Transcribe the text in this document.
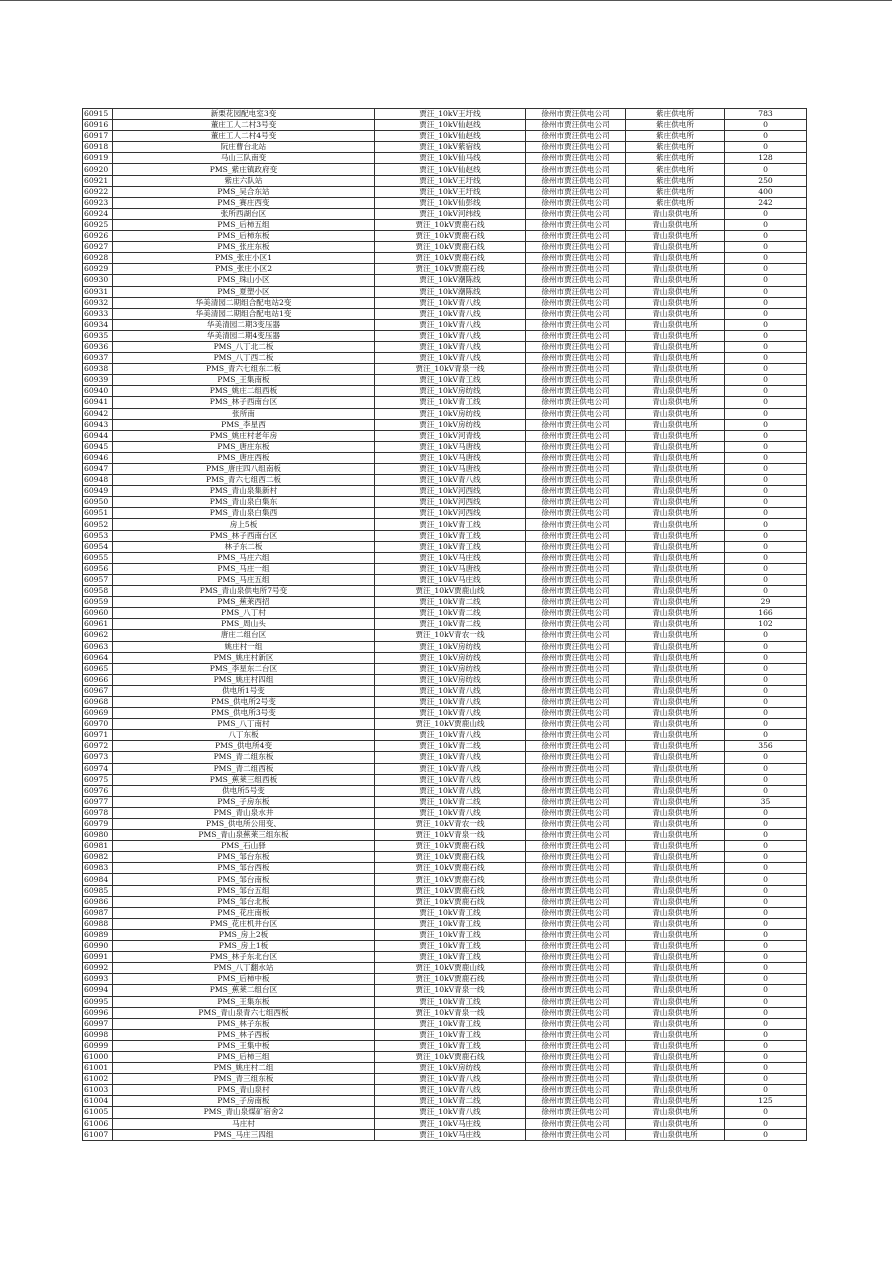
60915	新栗花园配电室3变	贾汪_10kV王圩线	徐州市贾汪供电公司	紫庄供电所	783
60916	董庄工人二村3号变	贾汪_10kV仙赵线	徐州市贾汪供电公司	紫庄供电所	0
60917	董庄工人二村4号变	贾汪_10kV仙赵线	徐州市贾汪供电公司	紫庄供电所	0
60918	阮庄曹台北站	贾汪_10kV紫宿线	徐州市贾汪供电公司	紫庄供电所	0
60919	马山三队南变	贾汪_10kV仙马线	徐州市贾汪供电公司	紫庄供电所	128
60920	PMS_紫庄镇政府变	贾汪_10kV仙赵线	徐州市贾汪供电公司	紫庄供电所	0
60921	紫庄六队站	贾汪_10kV王圩线	徐州市贾汪供电公司	紫庄供电所	250
60922	PMS_吴合东站	贾汪_10kV王圩线	徐州市贾汪供电公司	紫庄供电所	400
60923	PMS_赛庄西变	贾汪_10kV仙彭线	徐州市贾汪供电公司	紫庄供电所	242
60924	张所西湖台区	贾汪_10kV河纬线	徐州市贾汪供电公司	青山泉供电所	0
60925	PMS_后柿五组	贾汪_10kV贾鹿石线	徐州市贾汪供电公司	青山泉供电所	0
60926	PMS_后柿东板	贾汪_10kV贾鹿石线	徐州市贾汪供电公司	青山泉供电所	0
60927	PMS_张庄东板	贾汪_10kV贾鹿石线	徐州市贾汪供电公司	青山泉供电所	0
60928	PMS_张庄小区1	贾汪_10kV贾鹿石线	徐州市贾汪供电公司	青山泉供电所	0
60929	PMS_张庄小区2	贾汪_10kV贾鹿石线	徐州市贾汪供电公司	青山泉供电所	0
60930	PMS_珠山小区	贾汪_10kV潮陈线	徐州市贾汪供电公司	青山泉供电所	0
60931	PMS_夏塑小区	贾汪_10kV潮陈线	徐州市贾汪供电公司	青山泉供电所	0
60932	华美清园二期组合配电站2变	贾汪_10kV青八线	徐州市贾汪供电公司	青山泉供电所	0
60933	华美清园二期组合配电站1变	贾汪_10kV青八线	徐州市贾汪供电公司	青山泉供电所	0
60934	华美清园二期3变压器	贾汪_10kV青八线	徐州市贾汪供电公司	青山泉供电所	0
60935	华美清园二期4变压器	贾汪_10kV青八线	徐州市贾汪供电公司	青山泉供电所	0
60936	PMS_八丁北二板	贾汪_10kV青八线	徐州市贾汪供电公司	青山泉供电所	0
60937	PMS_八丁西二板	贾汪_10kV青八线	徐州市贾汪供电公司	青山泉供电所	0
60938	PMS_青六七组东二板	贾汪_10kV青泉一线	徐州市贾汪供电公司	青山泉供电所	0
60939	PMS_王集南板	贾汪_10kV青工线	徐州市贾汪供电公司	青山泉供电所	0
60940	PMS_姚庄二组西板	贾汪_10kV房纺线	徐州市贾汪供电公司	青山泉供电所	0
60941	PMS_林子西南台区	贾汪_10kV青工线	徐州市贾汪供电公司	青山泉供电所	0
60942	张所南	贾汪_10kV房纺线	徐州市贾汪供电公司	青山泉供电所	0
60943	PMS_李星西	贾汪_10kV房纺线	徐州市贾汪供电公司	青山泉供电所	0
60944	PMS_姚庄村老年房	贾汪_10kV河青线	徐州市贾汪供电公司	青山泉供电所	0
60945	PMS_唐庄东板	贾汪_10kV马唐线	徐州市贾汪供电公司	青山泉供电所	0
60946	PMS_唐庄西板	贾汪_10kV马唐线	徐州市贾汪供电公司	青山泉供电所	0
60947	PMS_唐庄四八组南板	贾汪_10kV马唐线	徐州市贾汪供电公司	青山泉供电所	0
60948	PMS_青六七组西二板	贾汪_10kV青八线	徐州市贾汪供电公司	青山泉供电所	0
60949	PMS_青山泉集新村	贾汪_10kV河西线	徐州市贾汪供电公司	青山泉供电所	0
60950	PMS_青山泉白集东	贾汪_10kV河西线	徐州市贾汪供电公司	青山泉供电所	0
60951	PMS_青山泉白集西	贾汪_10kV河西线	徐州市贾汪供电公司	青山泉供电所	0
60952	房上5板	贾汪_10kV青工线	徐州市贾汪供电公司	青山泉供电所	0
60953	PMS_林子西南台区	贾汪_10kV青工线	徐州市贾汪供电公司	青山泉供电所	0
60954	林子东二板	贾汪_10kV青工线	徐州市贾汪供电公司	青山泉供电所	0
60955	PMS_马庄六组	贾汪_10kV马庄线	徐州市贾汪供电公司	青山泉供电所	0
60956	PMS_马庄一组	贾汪_10kV马唐线	徐州市贾汪供电公司	青山泉供电所	0
60957	PMS_马庄五组	贾汪_10kV马庄线	徐州市贾汪供电公司	青山泉供电所	0
60958	PMS_青山泉供电所7号变	贾汪_10kV贾鹿山线	徐州市贾汪供电公司	青山泉供电所	0
60959	PMS_蕉莱西招	贾汪_10kV青二线	徐州市贾汪供电公司	青山泉供电所	29
60960	PMS_八丁村	贾汪_10kV青二线	徐州市贾汪供电公司	青山泉供电所	166
60961	PMS_周山头	贾汪_10kV青二线	徐州市贾汪供电公司	青山泉供电所	102
60962	唐庄二组台区	贾汪_10kV青农一线	徐州市贾汪供电公司	青山泉供电所	0
60963	姚庄村一组	贾汪_10kV房纺线	徐州市贾汪供电公司	青山泉供电所	0
60964	PMS_姚庄村新区	贾汪_10kV房纺线	徐州市贾汪供电公司	青山泉供电所	0
60965	PMS_李星东二台区	贾汪_10kV房纺线	徐州市贾汪供电公司	青山泉供电所	0
60966	PMS_姚庄村四组	贾汪_10kV房纺线	徐州市贾汪供电公司	青山泉供电所	0
60967	供电所1号变	贾汪_10kV青八线	徐州市贾汪供电公司	青山泉供电所	0
60968	PMS_供电所2号变	贾汪_10kV青八线	徐州市贾汪供电公司	青山泉供电所	0
60969	PMS_供电所3号变	贾汪_10kV青八线	徐州市贾汪供电公司	青山泉供电所	0
60970	PMS_八丁南村	贾汪_10kV贾鹿山线	徐州市贾汪供电公司	青山泉供电所	0
60971	八丁东板	贾汪_10kV青八线	徐州市贾汪供电公司	青山泉供电所	0
60972	PMS_供电所4变	贾汪_10kV青二线	徐州市贾汪供电公司	青山泉供电所	356
60973	PMS_青二组东板	贾汪_10kV青八线	徐州市贾汪供电公司	青山泉供电所	0
60974	PMS_青二组西板	贾汪_10kV青八线	徐州市贾汪供电公司	青山泉供电所	0
60975	PMS_蕉莱三组西板	贾汪_10kV青八线	徐州市贾汪供电公司	青山泉供电所	0
60976	供电所5号变	贾汪_10kV青八线	徐州市贾汪供电公司	青山泉供电所	0
60977	PMS_子房东板	贾汪_10kV青二线	徐州市贾汪供电公司	青山泉供电所	35
60978	PMS_青山泉水井	贾汪_10kV青八线	徐州市贾汪供电公司	青山泉供电所	0
60979	PMS_供电所公用变、	贾汪_10kV青农一线	徐州市贾汪供电公司	青山泉供电所	0
60980	PMS_青山泉蕉莱三组东板	贾汪_10kV青泉一线	徐州市贾汪供电公司	青山泉供电所	0
60981	PMS_石山驿	贾汪_10kV贾鹿石线	徐州市贾汪供电公司	青山泉供电所	0
60982	PMS_邹台东板	贾汪_10kV贾鹿石线	徐州市贾汪供电公司	青山泉供电所	0
60983	PMS_邹台西板	贾汪_10kV贾鹿石线	徐州市贾汪供电公司	青山泉供电所	0
60984	PMS_邹台南板	贾汪_10kV贾鹿石线	徐州市贾汪供电公司	青山泉供电所	0
60985	PMS_邹台五组	贾汪_10kV贾鹿石线	徐州市贾汪供电公司	青山泉供电所	0
60986	PMS_邹台北板	贾汪_10kV贾鹿石线	徐州市贾汪供电公司	青山泉供电所	0
60987	PMS_花庄南板	贾汪_10kV青工线	徐州市贾汪供电公司	青山泉供电所	0
60988	PMS_花庄机井台区	贾汪_10kV青工线	徐州市贾汪供电公司	青山泉供电所	0
60989	PMS_房上2板	贾汪_10kV青工线	徐州市贾汪供电公司	青山泉供电所	0
60990	PMS_房上1板	贾汪_10kV青工线	徐州市贾汪供电公司	青山泉供电所	0
60991	PMS_林子东北台区	贾汪_10kV青工线	徐州市贾汪供电公司	青山泉供电所	0
60992	PMS_八丁翻水站	贾汪_10kV贾鹿山线	徐州市贾汪供电公司	青山泉供电所	0
60993	PMS_后柿中板	贾汪_10kV贾鹿石线	徐州市贾汪供电公司	青山泉供电所	0
60994	PMS_蕉莱二组台区	贾汪_10kV青泉一线	徐州市贾汪供电公司	青山泉供电所	0
60995	PMS_王集东板	贾汪_10kV青工线	徐州市贾汪供电公司	青山泉供电所	0
60996	PMS_青山泉青六七组西板	贾汪_10kV青泉一线	徐州市贾汪供电公司	青山泉供电所	0
60997	PMS_林子东板	贾汪_10kV青工线	徐州市贾汪供电公司	青山泉供电所	0
60998	PMS_林子西板	贾汪_10kV青工线	徐州市贾汪供电公司	青山泉供电所	0
60999	PMS_王集中板	贾汪_10kV青工线	徐州市贾汪供电公司	青山泉供电所	0
61000	PMS_后柿三组	贾汪_10kV贾鹿石线	徐州市贾汪供电公司	青山泉供电所	0
61001	PMS_姚庄村二组	贾汪_10kV房纺线	徐州市贾汪供电公司	青山泉供电所	0
61002	PMS_青三组东板	贾汪_10kV青八线	徐州市贾汪供电公司	青山泉供电所	0
61003	PMS_青山泉村	贾汪_10kV青八线	徐州市贾汪供电公司	青山泉供电所	0
61004	PMS_子房南板	贾汪_10kV青二线	徐州市贾汪供电公司	青山泉供电所	125
61005	PMS_青山泉煤矿宿舍2	贾汪_10kV青八线	徐州市贾汪供电公司	青山泉供电所	0
61006	马庄村	贾汪_10kV马庄线	徐州市贾汪供电公司	青山泉供电所	0
61007	PMS_马庄三四组	贾汪_10kV马庄线	徐州市贾汪供电公司	青山泉供电所	0
